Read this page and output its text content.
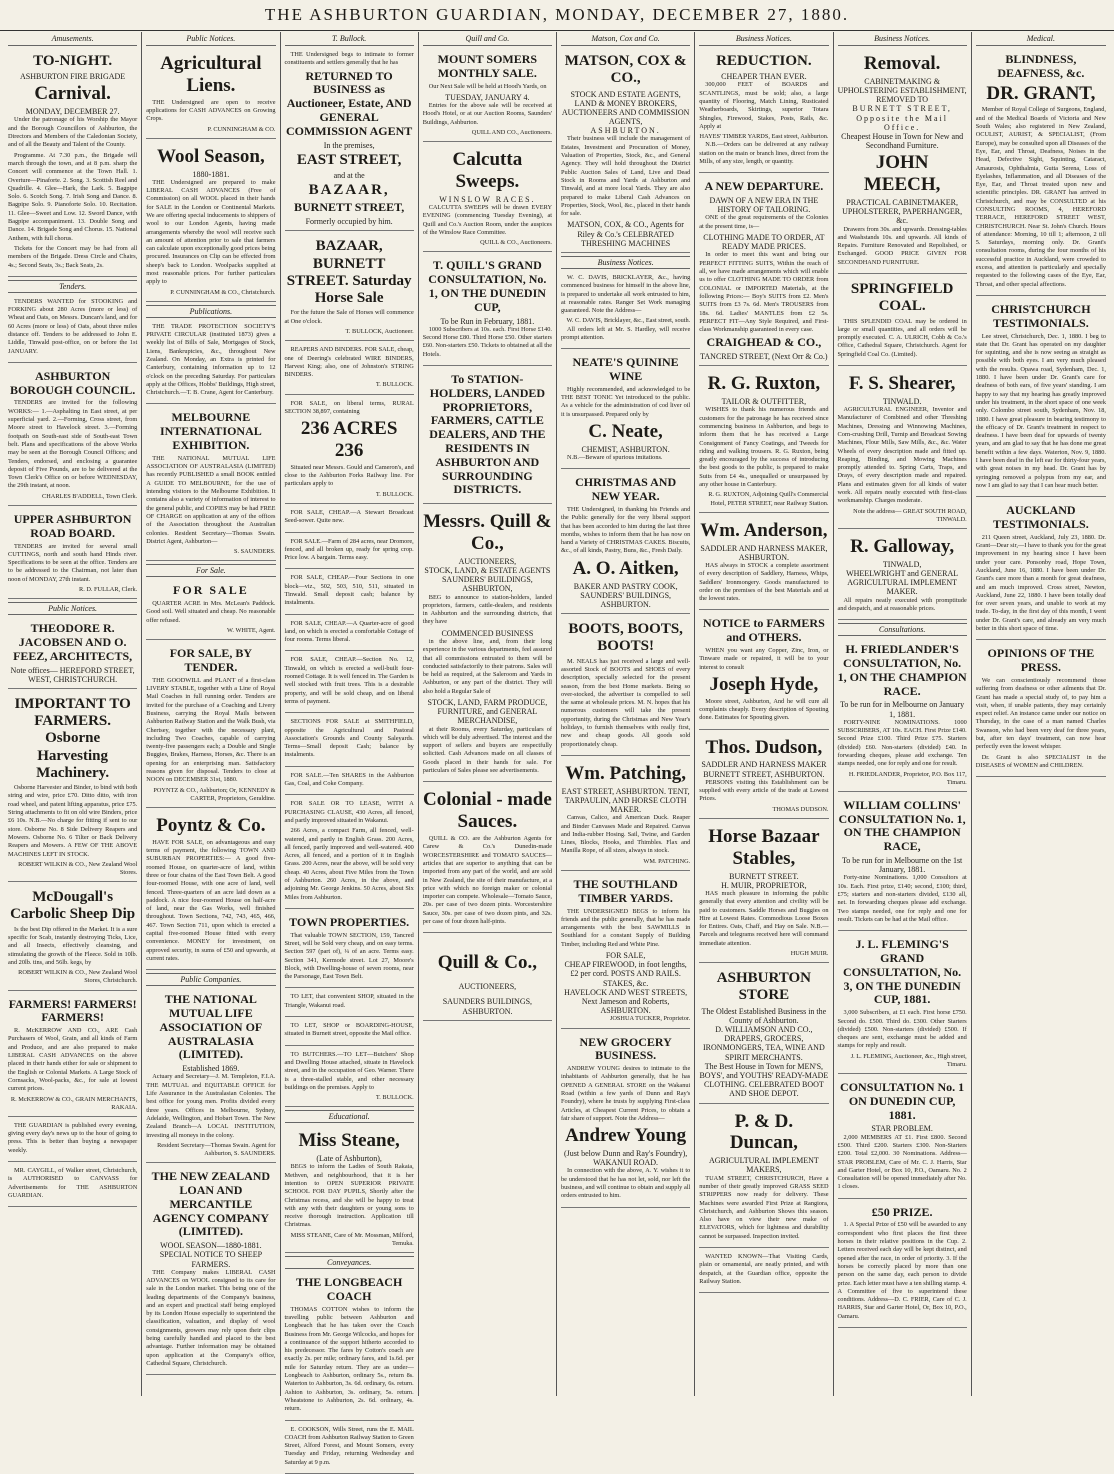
THE ASHBURTON GUARDIAN, MONDAY, DECEMBER 27, 1880.
Amusements.
TO-NIGHT.
ASHBURTON FIRE BRIGADE
Carnival.
MONDAY, DECEMBER 27.

Under the patronage of his Worship the Mayor and the Borough Councillors of Ashburton, the Directors and Members of the Caledonian Society, and of all the Beauty and Talent of the County.

Programme. At 7.30 p.m., the Brigade will march through the town, and at 8 p.m. sharp the Concert will commence at the Town Hall. 1. Overture—Pinaforte. 2. Song. 3. Scottish Reel and Quadrille. 4. Glee—Hark, the Lark. 5. Bagpipe Solo. 6. Scotch Song. 7. Irish Song and Dance. 8. Bagpipe Solo. 9. Pianoforte Solo. 10. Recitation. 11. Glee—Sweet and Low. 12. Sword Dance, with Bagpipe accompaniment. 13. Double Song and Dance. 14. Brigade Song and Chorus. 15. National Anthem, with full chorus.

Tickets for the Concert may be had from all members of the Brigade. Dress Circle and Chairs, 4s.; Second Seats, 3s.; Back Seats, 2s.

Tenders.

TENDERS WANTED for STOOKING and FORKING about 280 Acres (more or less) of Wheat and Oats, on Messrs. Duncan's land, and for 60 Acres (more or less) of Oats, about three miles distance off. Tenders to be addressed to John E. Liddle, Tinwald post-office, on or before the 1st JANUARY.

ASHBURTON BOROUGH COUNCIL.

TENDERS are invited for the following WORKS:— 1.—Asphalting in East street, at per superficial yard. 2.—Forming, Cross street, from Moore street to Havelock street. 3.—Forming footpath on South-east side of South-east Town belt. Plans and specifications of the above Works may be seen at the Borough Council Offices; and Tenders, endorsed, and enclosing a guarantee deposit of Five Pounds, are to be delivered at the Town Clerk's Office on or before WEDNESDAY, the 29th instant, at noon.

CHARLES B'ADDELL, Town Clerk.
UPPER ASHBURTON ROAD BOARD.

TENDERS are invited for several small CUTTINGS, north and south hand Hinds river. Specifications to be seen at the office. Tenders are to be addressed to the Chairman, not later than noon of MONDAY, 27th instant.

R. D. FULLAR, Clerk.
Public Notices.
THEODORE R. JACOBSEN AND O. FEEZ, ARCHITECTS,
Note offices— HEREFORD STREET, WEST, CHRISTCHURCH.
IMPORTANT TO FARMERS. Osborne Harvesting Machinery.

Osborne Harvester and Binder, to bind with both string and wire, price £70. Ditto ditto, with iron road wheel, and patent lifting apparatus, price £75. String attachments to fit on old wire Binders, price £6 10s. N.B.—No charge for fitting if sent to our store. Osborne No. 8 Side Delivery Reapers and Mowers. Osborne No. 6 Tilter or Back Delivery Reapers and Mowers. A FEW OF THE ABOVE MACHINES LEFT IN STOCK.

ROBERT WILKIN & CO., New Zealand Wool Stores.
McDougall's Carbolic Sheep Dip

Is the best Dip offered in the Market. It is a sure specific for Scab, instantly destroying Ticks, Lice, and all Insects, effectively cleansing, and stimulating the growth of the Fleece. Sold in 10lb. and 20lb. tins, and 56lb. kegs, by

ROBERT WILKIN & CO., New Zealand Wool Stores, Christchurch.
FARMERS! FARMERS! FARMERS!

R. McKERROW AND CO., ARE Cash Purchasers of Wool, Grain, and all kinds of Farm and Produce, and are also prepared to make LIBERAL CASH ADVANCES on the above placed in their hands either for sale or shipment to the English or Colonial Markets. A Large Stock of Cornsacks, Wool-packs, &c., for sale at lowest current prices.

R. McKERROW & CO., GRAIN MERCHANTS, RAKAIA.

THE GUARDIAN is published every evening, giving every day's news up to the hour of going to press. This is better than buying a newspaper weekly.

MR. CAYGILL, of Walker street, Christchurch, is AUTHORISED to CANVASS for Advertisements for THE ASHBURTON GUARDIAN.

Public Notices.
Agricultural Liens.

THE Undersigned are open to receive applications for CASH ADVANCES on Growing Crops.

P. CUNNINGHAM & CO.
Wool Season,
1880-1881.

THE Undersigned are prepared to make LIBERAL CASH ADVANCES (Free of Commission) on all WOOL placed in their hands for SALE in the London or Continental Markets. We are offering special inducements to shippers of wool to our London Agents, having made arrangements whereby the wool will receive such an amount of attention prior to sale that farmers can calculate upon exceptionally good prices being procured. Insurances on Clip can be effected from sheep's back to London. Woolpacks supplied at most reasonable prices. For further particulars apply to

P. CUNNINGHAM & CO., Christchurch.
Publications.

THE TRADE PROTECTION SOCIETY'S PRIVATE CIRCULAR (instituted 1873) gives a weekly list of Bills of Sale, Mortgages of Stock, Liens, Bankruptcies, &c., throughout New Zealand. On Monday, an Extra is printed for Canterbury, containing information up to 12 o'clock on the preceding Saturday. For particulars apply at the Offices, Hobbs' Buildings, High street, Christchurch.—T. B. Crane, Agent for Canterbury.

MELBOURNE INTERNATIONAL EXHIBITION.

THE NATIONAL MUTUAL LIFE ASSOCIATION OF AUSTRALASIA (LIMITED) has recently PUBLISHED a small BOOK entitled A GUIDE TO MELBOURNE, for the use of intending visitors to the Melbourne Exhibition. It contains also a variety of information of interest to the general public, and COPIES may be had FREE OF CHARGE on application at any of the offices of the Association throughout the Australian colonies. Resident Secretary—Thomas Swain. District Agent, Ashburton—

S. SAUNDERS.
For Sale.
FOR SALE

QUARTER ACRE in Mrs. McLean's Paddock. Good soil. Well situated and cheap. No reasonable offer refused.

W. WHITE, Agent.
FOR SALE, BY TENDER.

THE GOODWILL and PLANT of a first-class LIVERY STABLE, together with a Line of Royal Mail Coaches in full running order. Tenders are invited for the purchase of a Coaching and Livery Business, carrying the Royal Mails between Ashburton Railway Station and the Walk Bush, via Chertsey, together with the necessary plant, including Two Coaches, capable of carrying twenty-five passengers each; a Double and Single Buggies, Brakes, Harness, Horses, &c. There is an opening for an enterprising man. Satisfactory reasons given for disposal. Tenders to close at NOON on DECEMBER 31st, 1880.

POYNTZ & CO., Ashburton; Or, KENNEDY & CARTER, Proprietors, Geraldine.
Poyntz & Co.

HAVE FOR SALE, on advantageous and easy terms of payment, the following TOWN AND SUBURBAN PROPERTIES:— A good five-roomed House, on quarter-acre of land, within three or four chains of the East Town Belt. A good four-roomed House, with one acre of land, well fenced. Three-quarters of an acre laid down as a paddock. A nice four-roomed House on half-acre of land, near the Gas Works, well finished throughout. Town Sections, 742, 743, 465, 466, 467. Town Section 711, upon which is erected a capital five-roomed House fitted with every convenience. MONEY for investment, on approved security, in sums of £50 and upwards, at current rates.

Public Companies.
THE NATIONAL MUTUAL LIFE ASSOCIATION OF AUSTRALASIA (LIMITED).
Established 1869.

Actuary and Secretary—J. M. Templeton, F.I.A. THE MUTUAL and EQUITABLE OFFICE for Life Assurance in the Australasian Colonies. The best office for young men. Profits divided every three years. Offices in Melbourne, Sydney, Adelaide, Wellington, and Hobart Town. The New Zealand Branch—A LOCAL INSTITUTION, investing all moneys in the colony.

Resident Secretary—Thomas Swain. Agent for Ashburton, S. SAUNDERS.
THE NEW ZEALAND LOAN AND MERCANTILE AGENCY COMPANY (LIMITED).
WOOL SEASON—1880-1881.
SPECIAL NOTICE TO SHEEP FARMERS.

THE Company makes LIBERAL CASH ADVANCES on WOOL consigned to its care for sale in the London market. This being one of the leading departments of the Company's business, and an expert and practical staff being employed by its London House especially to superintend the classification, valuation, and display of wool consignments, growers may rely upon their clips being carefully handled and placed to the best advantage. Further information may be obtained upon application at the Company's office, Cathedral Square, Christchurch.

T. Bullock.

THE Undersigned begs to intimate to former constituents and settlers generally that he has

RETURNED TO BUSINESS as Auctioneer, Estate, AND GENERAL COMMISSION AGENT
In the premises,
EAST STREET,
and at the
BAZAAR,
BURNETT STREET,
Formerly occupied by him.
BAZAAR, BURNETT STREET. Saturday Horse Sale

For the future the Sale of Horses will commence at One o'clock.

T. BULLOCK, Auctioneer.

REAPERS AND BINDERS. FOR SALE, cheap, one of Deering's celebrated WIRE BINDERS, Harvest King; also, one of Johnston's STRING BINDERS.

T. BULLOCK.

FOR SALE, on liberal terms, RURAL SECTION 38,897, containing

236 ACRES 236

Situated near Messrs. Gould and Cameron's, and close to the Ashburton Forks Railway line. For particulars apply to

T. BULLOCK.

FOR SALE, CHEAP.—A Stewart Broadcast Seed-sower. Quite new.

FOR SALE.—Farm of 284 acres, near Dromore, fenced, and all broken up, ready for spring crop. Price low. A bargain. Terms easy.

FOR SALE, CHEAP.—Four Sections in one block—viz., 502, 503, 510, 511, situated in Tinwald. Small deposit cash; balance by instalments.

FOR SALE, CHEAP.—A Quarter-acre of good land, on which is erected a comfortable Cottage of four rooms. Terms liberal.

FOR SALE, CHEAP.—Section No. 12, Tinwald, on which is erected a well-built four-roomed Cottage. It is well fenced in. The Garden is well stocked with fruit trees. This is a desirable property, and will be sold cheap, and on liberal terms of payment.

SECTIONS FOR SALE at SMITHFIELD, opposite the Agricultural and Pastoral Association's Grounds and County Saleyards. Terms—Small deposit Cash; balance by instalments.

FOR SALE.—Ten SHARES in the Ashburton Gas, Coal, and Coke Company.

FOR SALE OR TO LEASE, WITH A PURCHASING CLAUSE, 430 Acres, all fenced, and partly improved situated in Wakanui.

266 Acres, a compact Farm, all fenced, well-watered, and partly in English Grass. 200 Acres, all fenced, partly improved and well-watered. 400 Acres, all fenced, and a portion of it in English Grass. 200 Acres, near the above, will be sold very cheap. 40 Acres, about Five Miles from the Town of Ashburton. 260 Acres, in the above, and adjoining Mr. George Jenkins. 50 Acres, about Six Miles from Ashburton.

TOWN PROPERTIES.

That valuable TOWN SECTION, 159, Tancred Street, will be Sold very cheap, and on easy terms. Section 597 (part of), ¼ of an acre. Terms easy. Section 341, Kermode street. Lot 27, Moore's Block, with Dwelling-house of seven rooms, near the Parsonage, East Town Belt.

TO LET, that convenient SHOP, situated in the Triangle, Wakanui road.

TO LET, SHOP or BOARDING-HOUSE, situated in Burnett street, opposite the Mail office.

TO BUTCHERS.—TO LET—Butchers' Shop and Dwelling House attached, situate in Havelock street, and in the occupation of Geo. Warner. There is a three-stalled stable, and other necessary buildings on the premises. Apply to

T. BULLOCK.
Educational.
Miss Steane,
(Late of Ashburton),

BEGS to inform the Ladies of South Rakaia, Methven, and neighbourhood, that it is her intention to OPEN SUPERIOR PRIVATE SCHOOL FOR DAY PUPILS, Shortly after the Christmas recess, and she will be happy to treat with any with their daughters or young sons to receive thorough instruction. Application till Christmas.

MISS STEANE, Care of Mr. Mossman, Milford, Temuka.
Conveyances.
THE LONGBEACH COACH

THOMAS COTTON wishes to inform the travelling public between Ashburton and Longbeach that he has taken over the Coach Business from Mr. George Wilcocks, and hopes for a continuance of the support hitherto accorded to his predecessor. The fares by Cotton's coach are exactly 2s. per mile; ordinary fares, and 1s.6d. per mile for Saturday return. They are as under— Longbeach to Ashburton, ordinary 5s., return 8s. Waterton to Ashburton, 3s. 6d. ordinary, 6s. return. Ashton to Ashburton, 3s. ordinary, 5s. return. Wheatstone to Ashburton, 2s. 6d. ordinary, 4s. return.

E. COOKSON, Wills Street, runs the E. MAIL COACH from Ashburton Railway Station to Green Street, Alford Forest, and Mount Somers, every Tuesday and Friday, returning Wednesday and Saturday at 9 p.m.

Quill and Co.
MOUNT SOMERS MONTHLY SALE.

Our Next Sale will be held at Hood's Yards, on

TUESDAY, JANUARY 4.

Entries for the above sale will be received at Hood's Hotel, or at our Auction Rooms, Saunders' Buildings, Ashburton.

QUILL AND CO., Auctioneers.
Calcutta Sweeps.
WINSLOW RACES.

CALCUTTA SWEEPS will be drawn EVERY EVENING (commencing Tuesday Evening), at Quill and Co.'s Auction Room, under the auspices of the Winslow Race Committee.

QUILL & CO., Auctioneers.
T. QUILL'S GRAND CONSULTATION, No. 1, ON THE DUNEDIN CUP,
To be Run in February, 1881.

1000 Subscribers at 10s. each. First Horse £140. Second Horse £80. Third Horse £50. Other starters £60. Non-starters £50. Tickets to obtained at all the Hotels.

To STATION-HOLDERS, LANDED PROPRIETORS, FARMERS, CATTLE DEALERS, AND THE RESIDENTS IN ASHBURTON AND SURROUNDING DISTRICTS.
Messrs. Quill & Co.,
AUCTIONEERS,
STOCK, LAND, & ESTATE AGENTS
SAUNDERS' BUILDINGS,
ASHBURTON,

BEG to announce to station-holders, landed proprietors, farmers, cattle-dealers, and residents in Ashburton and the surrounding districts, that they have

COMMENCED BUSINESS

in the above line, and, from their long experience in the various departments, feel assured that all commissions entrusted to them will be conducted satisfactorily to their patrons. Sales will be held as required, at the Saleroom and Yards in Ashburton, or any part of the district. They will also hold a Regular Sale of

STOCK, LAND, FARM PRODUCE, FURNITURE, and GENERAL MERCHANDISE,

at their Rooms, every Saturday, particulars of which will be duly advertised. The interest and the support of sellers and buyers are respectfully solicited. Cash Advances made on all classes of Goods placed in their hands for sale. For particulars of Sales please see advertisements.

Colonial - made Sauces.

QUILL & CO. are the Ashburton Agents for Carew & Co.'s Dunedin-made WORCESTERSHIRE and TOMATO SAUCES—articles that are superior to anything that can be imported from any part of the world, and are sold in New Zealand, the site of their manufacture, at a price with which no foreign maker or colonial importer can compete. Wholesale—Tomato Sauce, 20s. per case of two dozen pints. Worcestershire Sauce, 30s. per case of two dozen pints, and 32s. per case of four dozen half-pints.

Quill & Co.,
AUCTIONEERS,
SAUNDERS BUILDINGS,
ASHBURTON.
Matson, Cox and Co.
MATSON, COX & CO.,
STOCK AND ESTATE AGENTS, LAND & MONEY BROKERS, AUCTIONEERS AND COMMISSION AGENTS,
ASHBURTON.

Their business will include the management of Estates, Investment and Procuration of Money, Valuation of Properties, Stock, &c., and General Agency. They will hold throughout the District Public Auction Sales of Land, Live and Dead Stock in Rooms and Yards at Ashburton and Tinwald, and at more local Yards. They are also prepared to make Liberal Cash Advances on Properties, Stock, Wool, &c., placed in their hands for sale.

MATSON, COX, & CO., Agents for Riley & Co.'s CELEBRATED THRESHING MACHINES
Business Notices.

W. C. DAVIS, BRICKLAYER, &c., having commenced business for himself in the above line, is prepared to undertake all work entrusted to him, at reasonable rates. Ranger Set Work managing guaranteed. Note the Address—

W. C. DAVIS, Bricklayer, &c., East street, south.

All orders left at Mr. S. Hardley, will receive prompt attention.

NEATE'S QUININE WINE

Highly recommended, and acknowledged to be THE BEST TONIC Yet introduced to the public. As a vehicle for the administration of cod liver oil it is unsurpassed. Prepared only by

C. Neate,
CHEMIST, ASHBURTON.

N.B.—Beware of spurious imitations.

CHRISTMAS AND NEW YEAR.

THE Undersigned, in thanking his Friends and the Public generally for the very liberal support that has been accorded to him during the last three months, wishes to inform them that he has now on hand a Variety of CHRISTMAS CAKES. Biscuits, &c., of all kinds, Pastry, Buns, &c., Fresh Daily.

A. O. Aitken,
BAKER AND PASTRY COOK, SAUNDERS' BUILDINGS, ASHBURTON.
BOOTS, BOOTS, BOOTS!

M. NEALS has just received a large and well-assorted Stock of BOOTS and SHOES of every description, specially selected for the present season, from the best Home markets. Being so over-stocked, the advertiser is compelled to sell the same at wholesale prices. M. N. hopes that his numerous customers will take the present opportunity, during the Christmas and New Year's holidays, to furnish themselves with really first, new and cheap goods. All goods sold proportionately cheap.

Wm. Patching,
EAST STREET, ASHBURTON. TENT, TARPAULIN, AND HORSE CLOTH MAKER.

Canvas, Calico, and American Duck. Reaper and Binder Canvases Made and Repaired. Canvas and India-rubber Hosing. Sail, Twine, and Garden Lines, Blocks, Hooks, and Thimbles. Flax and Manilla Rope, of all sizes, always in stock.

WM. PATCHING.
THE SOUTHLAND TIMBER YARDS.

THE UNDERSIGNED BEGS to inform his friends and the public generally, that he has made arrangements with the best SAWMILLS in Southland for a constant Supply of Building Timber, including Red and White Pine.

FOR SALE,
CHEAP FIREWOOD, in foot lengths, £2 per cord. POSTS AND RAILS. STAKES, &c.
HAVELOCK AND WEST STREETS, Next Jameson and Roberts, ASHBURTON.
JOSHUA TUCKER, Proprietor.
NEW GROCERY BUSINESS.

ANDREW YOUNG desires to intimate to the inhabitants of Ashburton generally, that he has OPENED A GENERAL STORE on the Wakanui Road (within a few yards of Dunn and Ray's Foundry), where he trusts by supplying First-class Articles, at Cheapest Current Prices, to obtain a fair share of support. Note the Address—

Andrew Young
(Just below Dunn and Ray's Foundry), WAKANUI ROAD.

In connection with the above, A. Y. wishes it to be understood that he has not let, sold, nor left the business, and will continue to obtain and supply all orders entrusted to him.

Business Notices.
REDUCTION.
CHEAPER THAN EVER.

300,000 FEET of BOARDS and SCANTLINGS, must be sold; also, a large quantity of Flooring, Match Lining, Rusticated Weatherboards, Skirtings, superior Totara Shingles, Firewood, Stakes, Posts, Rails, &c. Apply at

HAYES' TIMBER YARDS, East street, Ashburton.

N.B.—Orders can be delivered at any railway station on the main or branch lines, direct from the Mills, of any size, length, or quantity.

A NEW DEPARTURE.
DAWN OF A NEW ERA IN THE HISTORY OF TAILORING.

ONE of the great requirements of the Colonies at the present time, is—

CLOTHING MADE TO ORDER, AT READY MADE PRICES.

In order to meet this want and bring our PERFECT FITTING SUITS, Within the reach of all, we have made arrangements which will enable us to offer CLOTHING MADE TO ORDER from COLONIAL or IMPORTED Materials, at the following Prices:— Boy's SUITS from £2. Men's SUITS from £3 7s. 6d. Men's TROUSERS from 18s. 6d. Ladies' MANTLES from £2 5s. PERFECT FIT—Any Style Required, and First-class Workmanship guaranteed in every case.

CRAIGHEAD & CO.,
TANCRED STREET, (Next Orr & Co.)
R. G. Ruxton,
TAILOR & OUTFITTER,

WISHES to thank his numerous friends and customers for the patronage he has received since commencing business in Ashburton, and begs to inform them that he has received a Large Consignment of Fancy Coatings, and Tweeds for riding and walking trousers. R. G. Ruxton, being greatly encouraged by the success of introducing the best goods to the public, is prepared to make Suits from £4 4s., unequalled or unsurpassed by any other house in Canterbury.

R. G. RUXTON, Adjoining Quill's Commercial Hotel, PETER STREET, near Railway Station.
Wm. Anderson,
SADDLER AND HARNESS MAKER, ASHBURTON.

HAS always in STOCK a complete assortment of every description of Saddlery, Harness, Whips, Saddlers' Ironmongery. Goods manufactured to order on the premises of the best Materials and at the lowest rates.

NOTICE to FARMERS and OTHERS.

WHEN you want any Copper, Zinc, Iron, or Tinware made or repaired, it will be to your interest to consult

Joseph Hyde,

Moore street, Ashburton, And he will cure all complaints cheaply. Every description of Spouting done. Estimates for Spouting given.

Thos. Dudson,
SADDLER AND HARNESS MAKER
BURNETT STREET, ASHBURTON.

PERSONS visiting this Establishment can be supplied with every article of the trade at Lowest Prices.

THOMAS DUDSON.
Horse Bazaar Stables,
BURNETT STREET.
H. MUIR, PROPRIETOR,

HAS much pleasure in informing the public generally that every attention and civility will be paid to customers. Saddle Horses and Buggies on Hire at Lowest Rates. Commodious Loose Boxes for Entires. Oats, Chaff, and Hay on Sale. N.B.—Parcels and telegrams received here will command immediate attention.

HUGH MUIR.
ASHBURTON STORE
The Oldest Established Business in the County of Ashburton.
D. WILLIAMSON AND CO., DRAPERS, GROCERS, IRONMONGERS, TEA, WINE AND SPIRIT MERCHANTS.
The Best House in Town for MEN'S, BOYS', and YOUTHS' READY-MADE CLOTHING. CELEBRATED BOOT AND SHOE DEPOT.
P. & D. Duncan,
AGRICULTURAL IMPLEMENT MAKERS,

TUAM STREET, CHRISTCHURCH, Have a number of their greatly improved GRASS SEED STRIPPERS now ready for delivery. These Machines were awarded First Prize at Rangiora, Christchurch, and Ashburton Shows this season. Also have on view their new make of ELEVATORS, which for lightness and durability cannot be surpassed. Inspection invited.

WANTED KNOWN—That Visiting Cards, plain or ornamental, are neatly printed, and with despatch, at the Guardian office, opposite the Railway Station.

Business Notices.
Removal.
CABINETMAKING & UPHOLSTERING ESTABLISHMENT,
REMOVED TO
BURNETT STREET, Opposite the Mail Office.
Cheapest House in Town for New and Secondhand Furniture.
JOHN MEECH,
PRACTICAL CABINETMAKER, UPHOLSTERER, PAPERHANGER, &c.

Drawers from 30s. and upwards. Dressing-tables and Washstands 10s. and upwards. All kinds of Repairs. Furniture Renovated and Repolished, or Exchanged. GOOD PRICE GIVEN FOR SECONDHAND FURNITURE.

SPRINGFIELD COAL.

THIS SPLENDID COAL may be ordered in large or small quantities, and all orders will be promptly executed. C. A. ULRICH, Cobb & Co.'s Office, Cathedral Square, Christchurch. Agent for Springfield Coal Co. (Limited).

F. S. Shearer,
TINWALD.

AGRICULTURAL ENGINEER, Inventor and Manufacturer of Combined and other Threshing Machines, Dressing and Winnowing Machines, Corn-crushing Drill, Turnip and Broadcast Sowing Machines, Flour Mills, Saw Mills, &c., &c. Water Wheels of every description made and fitted up. Reaping, Binding, and Mowing Machines promptly attended to. Spring Carts, Traps, and Drays, of every description made and repaired. Plans and estimates given for all kinds of water work. All repairs neatly executed with first-class workmanship. Charges moderate.

Note the address— GREAT SOUTH ROAD, TINWALD.
R. Galloway,
TINWALD,
WHEELWRIGHT and GENERAL AGRICULTURAL IMPLEMENT MAKER.

All repairs neatly executed with promptitude and despatch, and at reasonable prices.

Consultations.
H. FRIEDLANDER'S CONSULTATION, No. 1, ON THE CHAMPION RACE.
To be run for in Melbourne on January 1, 1881.

FORTY-NINE NOMINATIONS. 1000 SUBSCRIBERS, AT 10s. EACH. First Prize £140. Second Prize £100. Third Prize £75. Starters (divided) £60. Non-starters (divided) £40. In forwarding cheques, please add exchange. Ten stamps needed, one for reply and one for result.

H. FRIEDLANDER, Proprietor, P.O. Box 117, Timaru.
WILLIAM COLLINS' CONSULTATION No. 1, ON THE CHAMPION RACE,
To be run for in Melbourne on the 1st January, 1881.

Forty-nine Nominations. 1,000 Consultors at 10s. Each. First prize, £140; second, £100; third, £75; starters and non-starters divided, £130 all, net. In forwarding cheques please add exchange. Two stamps needed, one for reply and one for result. Tickets can be had at the Mail office.

J. L. FLEMING'S GRAND CONSULTATION, No. 3, ON THE DUNEDIN CUP, 1881.

3,000 Subscribers, at £1 each. First horse £750. Second do. £500. Third do. £300. Other Starters (divided) £500. Non-starters (divided) £500. If cheques are sent, exchange must be added and stamps for reply and result.

J. L. FLEMING, Auctioneer, &c., High street, Timaru.
CONSULTATION No. 1 ON DUNEDIN CUP, 1881.
STAR PROBLEM.

2,000 MEMBERS AT £1. First £800. Second £500. Third £200. Starters £300. Non-Starters £200. Total £2,000. 30 Nominations. Address—STAR PROBLEM, Care of Mr. C. J. Harris, Star and Garter Hotel, or Box 10, P.O., Oamaru. No. 2 Consultation will be opened immediately after No. 1 closes.

£50 PRIZE.

1. A Special Prize of £50 will be awarded to any correspondent who first places the first three horses in their relative positions in the Cup. 2. Letters received each day will be kept distinct, and opened after the race, in order of priority. 3. If the horses be correctly placed by more than one person on the same day, each person to divide prize. Each letter must have a ten shilling stamp. 4. A Committee of five to superintend these conditions. Address—D. C. FRIER, Care of C. J. HARRIS, Star and Garter Hotel, Or, Box 10, P.O., Oamaru.

Medical.
BLINDNESS, DEAFNESS, &c.
DR. GRANT,

Member of Royal College of Surgeons, England, and of the Medical Boards of Victoria and New South Wales; also registered in New Zealand, OCULIST, AURIST, & SPECIALIST, (From Europe), may be consulted upon all Diseases of the Eye, Ear, and Throat, Deafness, Noises in the Head, Defective Sight, Squinting, Cataract, Amaurosis, Ophthalmia, Gutta Serena, Loss of Eyelashes, Inflammation, and all Diseases of the Eye, Ear, and Throat treated upon new and scientific principles. DR. GRANT has arrived in Christchurch, and may be CONSULTED at his CONSULTING ROOMS, 4, HEREFORD TERRACE, HEREFORD STREET WEST, CHRISTCHURCH. Near St. John's Church. Hours of attendance: Morning, 10 till 1; afternoon, 2 till 5. Saturdays, morning only. Dr. Grant's consultation rooms, during the four months of his successful practice in Auckland, were crowded to excess, and attention is particularly and specially requested to the following cases of the Eye, Ear, Throat, and other special affections.

CHRISTCHURCH TESTIMONIALS.

Lee street, Christchurch, Dec. 1, 1880. I beg to state that Dr. Grant has operated on my daughter for squinting, and she is now seeing as straight as possible with both eyes. I am very much pleased with the results. Opawa road, Sydenham, Dec. 1, 1880. I have been under Dr. Grant's care for deafness of both ears, of five years' standing. I am happy to say that my hearing has greatly improved under his treatment, in the short space of one week only. Colombo street south, Sydenham, Nov. 18, 1880. I have great pleasure in bearing testimony to the efficacy of Dr. Grant's treatment in respect to deafness. I have been deaf for upwards of twenty years, and am glad to say that he has done me great benefit within a few days. Waterton, Nov. 9, 1880. I have been deaf in the left ear for thirty-four years, with great noises in my head. Dr. Grant has by syringing removed a polypus from my ear, and now I am glad to say that I can hear much better.

AUCKLAND TESTIMONIALS.

211 Queen street, Auckland, July 23, 1880. Dr. Grant—Dear sir,—I have to thank you for the great improvement in my hearing since I have been under your care. Ponsonby road, Hope Town, Auckland, June 16, 1880. I have been under Dr. Grant's care more than a month for great deafness, and am much improved. Cross street, Newton, Auckland, June 22, 1880. I have been totally deaf for over seven years, and unable to work at my trade. To-day, in the first day of this month, I went under Dr. Grant's care, and already am very much better in this short space of time.

OPINIONS OF THE PRESS.

We can conscientiously recommend those suffering from deafness or other ailments that Dr. Grant has made a special study of, to pay him a visit, when, if unable patients, they may certainly expect relief. An instance came under our notice on Thursday, in the case of a man named Charles Swanson, who had been very deaf for three years, but, after ten days' treatment, can now hear perfectly even the lowest whisper.

Dr. Grant is also SPECIALIST in the DISEASES of WOMEN and CHILDREN.
